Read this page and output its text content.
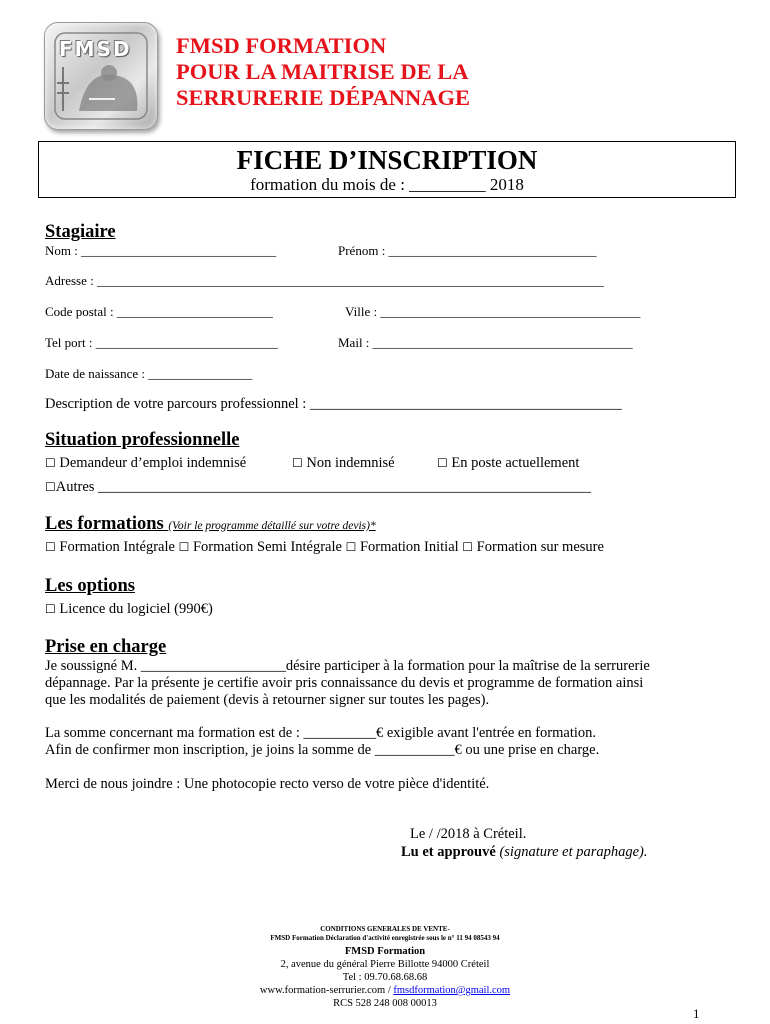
FMSD FMSD FORMATION
POUR LA MAITRISE DE LA
SERRURERIE DÉPANNAGE
FICHE D’INSCRIPTION
formation du mois de : _________ 2018
Stagiaire
Nom : ______________________________	Prénom : ________________________________
Adresse : ______________________________________________________________________________
Code postal : ________________________	Ville : ________________________________________
Tel port : ____________________________	Mail : ________________________________________
Date de naissance : ________________
Description de votre parcours professionnel : ___________________________________________
Situation professionnelle
☐ Demandeur d’emploi indemnisé	☐ Non indemnisé	☐ En poste actuellement
☐Autres ____________________________________________________________________
Les formations (Voir le programme détaillé sur votre devis)*
☐ Formation Intégrale ☐ Formation Semi Intégrale ☐ Formation Initial ☐ Formation sur mesure
Les options
☐ Licence du logiciel (990€)
Prise en charge
Je soussigné M. ____________________désire participer à la formation pour la maîtrise de la serrurerie
dépannage. Par la présente je certifie avoir pris connaissance du devis et programme de formation ainsi
que les modalités de paiement (devis à retourner signer sur toutes les pages).
La somme concernant ma formation est de : __________€ exigible avant l'entrée en formation.
Afin de confirmer mon inscription, je joins la somme de ___________€ ou une prise en charge.
Merci de nous joindre : Une photocopie recto verso de votre pièce d'identité.
Le / /2018 à Créteil.
Lu et approuvé (signature et paraphage).
CONDITIONS GENERALES DE VENTE-
FMSD Formation Déclaration d'activité enregistrée sous le n° 11 94 08543 94
FMSD Formation
2, avenue du général Pierre Billotte 94000 Créteil
Tel : 09.70.68.68.68
www.formation-serrurier.com / fmsdformation@gmail.com
RCS 528 248 008 00013
1
